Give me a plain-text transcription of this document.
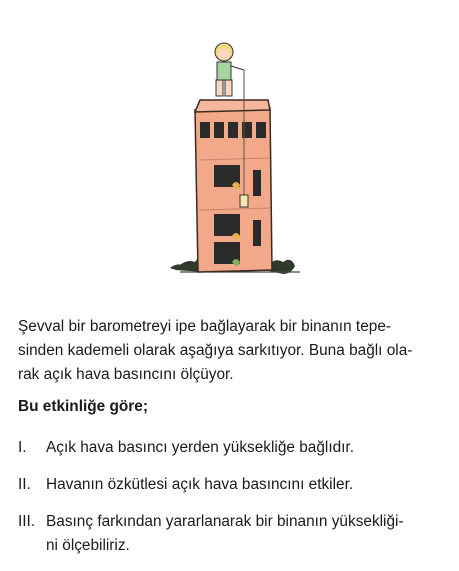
Şevval bir barometreyi ipe bağlayarak bir binanın tepe-
sinden kademeli olarak aşağıya sarkıtıyor. Buna bağlı ola-
rak açık hava basıncını ölçüyor.

Bu etkinliğe göre;
I.	Açık hava basıncı yerden yüksekliğe bağlıdır.
II. Havanın özkütlesi açık hava basıncını etkiler.
III. Basınç farkından yararlanarak bir binanın yüksekliği-
ni ölçebiliriz.
